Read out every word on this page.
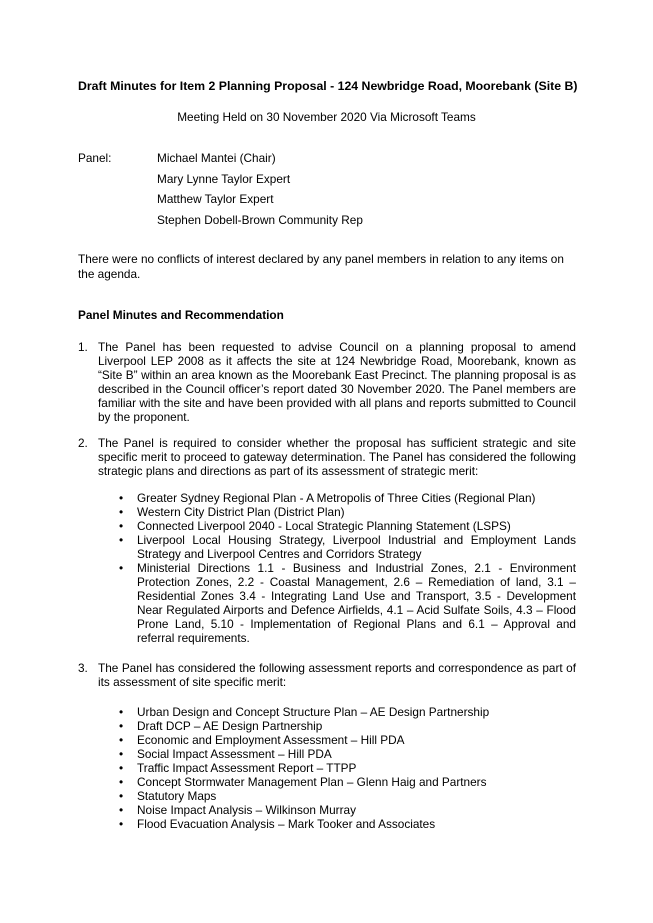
Draft Minutes for Item 2 Planning Proposal - 124 Newbridge Road, Moorebank (Site B)
Meeting Held on 30 November 2020 Via Microsoft Teams
Panel:	Michael Mantei (Chair)
Mary Lynne Taylor Expert
Matthew Taylor Expert
Stephen Dobell-Brown Community Rep

There were no conflicts of interest declared by any panel members in relation to any items on the agenda.

Panel Minutes and Recommendation
1. The Panel has been requested to advise Council on a planning proposal to amend Liverpool LEP 2008 as it affects the site at 124 Newbridge Road, Moorebank, known as “Site B” within an area known as the Moorebank East Precinct. The planning proposal is as described in the Council officer’s report dated 30 November 2020. The Panel members are familiar with the site and have been provided with all plans and reports submitted to Council by the proponent.
2. The Panel is required to consider whether the proposal has sufficient strategic and site specific merit to proceed to gateway determination. The Panel has considered the following strategic plans and directions as part of its assessment of strategic merit:
• Greater Sydney Regional Plan - A Metropolis of Three Cities (Regional Plan)
• Western City District Plan (District Plan)
• Connected Liverpool 2040 - Local Strategic Planning Statement (LSPS)
• Liverpool Local Housing Strategy, Liverpool Industrial and Employment Lands Strategy and Liverpool Centres and Corridors Strategy
• Ministerial Directions 1.1 - Business and Industrial Zones, 2.1 - Environment Protection Zones, 2.2 - Coastal Management, 2.6 – Remediation of land, 3.1 – Residential Zones 3.4 - Integrating Land Use and Transport, 3.5 - Development Near Regulated Airports and Defence Airfields, 4.1 – Acid Sulfate Soils, 4.3 – Flood Prone Land, 5.10 - Implementation of Regional Plans and 6.1 – Approval and referral requirements.
3. The Panel has considered the following assessment reports and correspondence as part of its assessment of site specific merit:
• Urban Design and Concept Structure Plan – AE Design Partnership
• Draft DCP – AE Design Partnership
• Economic and Employment Assessment – Hill PDA
• Social Impact Assessment – Hill PDA
• Traffic Impact Assessment Report – TTPP
• Concept Stormwater Management Plan – Glenn Haig and Partners
• Statutory Maps
• Noise Impact Analysis – Wilkinson Murray
• Flood Evacuation Analysis – Mark Tooker and Associates
